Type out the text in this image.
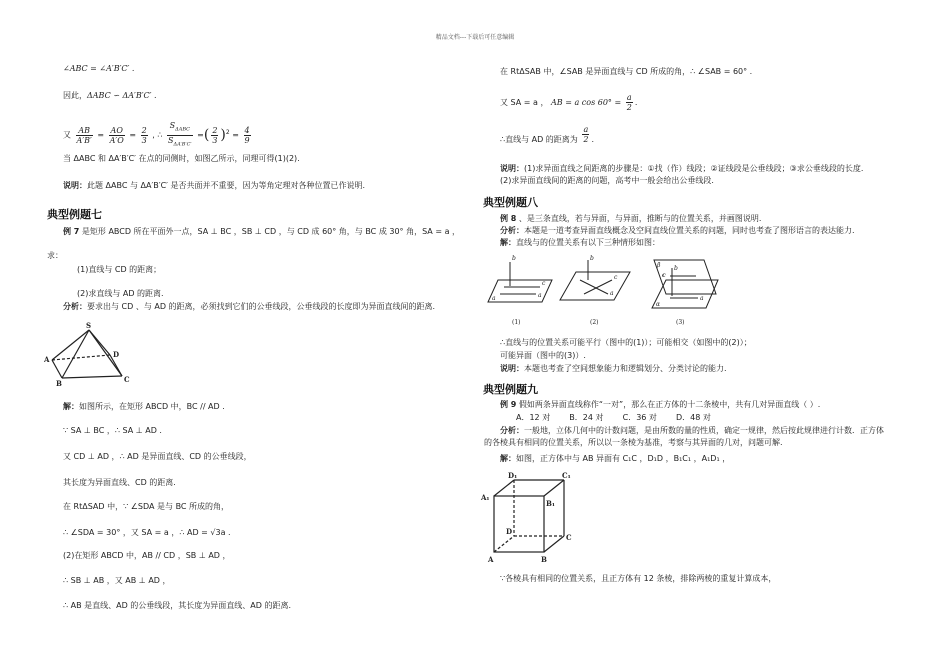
精品文档---下载后可任意编辑
∠ABC = ∠A′B′C′ .
因此，ΔABC ∽ ΔA′B′C′ .
又 $\frac{AB}{A'B'} = \frac{AO}{A'O} = \frac{2}{3}$ , ∴ $\frac{S_{\Delta ABC}}{S_{\Delta A'B'C'}}$ =( $\frac{2}{3} )^2 = \frac{4}{9}$
当 ΔABC 和 ΔA′B′C′ 在点的同侧时，如图乙所示，同理可得(1)(2).
说明：此题 ΔABC 与 ΔA′B′C′ 是否共面并不重要，因为等角定理对各种位置已作说明.
典型例题七
例 7 是矩形 ABCD 所在平面外一点，SA ⊥ BC ，SB ⊥ CD ，与 CD 成 60° 角，与 BC 成 30° 角，SA = a ，
求：
(1)直线与 CD 的距离；
(2)求直线与 AD 的距离.
分析：要求出与 CD 、与 AD 的距离，必须找到它们的公垂线段，公垂线段的长度即为异面直线间的距离.
S
A
D
B	C
解：如图所示，在矩形 ABCD 中，BC // AD .
∵ SA ⊥ BC ，∴ SA ⊥ AD .
又 CD ⊥ AD ，∴ AD 是异面直线、CD 的公垂线段，
其长度为异面直线、CD 的距离.
在 RtΔSAD 中，∵ ∠SDA 是与 BC 所成的角，
∴ ∠SDA = 30° ，又 SA = a ，∴ AD = √3a .
(2)在矩形 ABCD 中，AB // CD ，SB ⊥ AD ，
∴ SB ⊥ AB ，又 AB ⊥ AD ，
∴ AB 是直线、AD 的公垂线段，其长度为异面直线、AD 的距离.
在 RtΔSAB 中，∠SAB 是异面直线与 CD 所成的角，∴ ∠SAB = 60° .
又 SA = a ， AB = a $\cos 60^\circ = \frac{a}{2}$ .
∴直线与 AD 的距离为 $\frac{a}{2}$ .
说明：(1)求异面直线之间距离的步骤是：①找（作）线段；②证线段是公垂线段；③求公垂线段的长度.
(2)求异面直线间的距离的问题，高考中一般会给出公垂线段.
典型例题八
例 8 、是三条直线，若与异面，与异面，推断与的位置关系，并画图说明.
分析：本题是一道考查异面直线概念及空间直线位置关系的问题，同时也考查了图形语言的表达能力.
解：直线与的位置关系有以下三种情形如图：
b
c
a	a
b
c
a
β
c
b
a
α
(1)	(2)	(3)
∴直线与的位置关系可能平行（图中的(1)）；可能相交（如图中的(2)）；
可能异面（图中的(3)）.
说明：本题也考查了空间想象能力和逻辑划分、分类讨论的能力.
典型例题九
例 9 假如两条异面直线称作“一对”，那么在正方体的十二条棱中，共有几对异面直线（ ）.
A．12 对 B．24 对 C．36 对 D．48 对
分析：一般地，立体几何中的计数问题，是由所数的量的性质，确定一规律，然后按此规律进行计数．正方体
的各棱具有相同的位置关系，所以以一条棱为基准，考察与其异面的几对，问题可解.
解：如图，正方体中与 AB 异面有 C₁C ，D₁D ，B₁C₁ ，A₁D₁ ，
D₁	C₁
A₁
B₁
D
C
A	B
∵各棱具有相同的位置关系，且正方体有 12 条棱，排除两棱的重复计算成本，
